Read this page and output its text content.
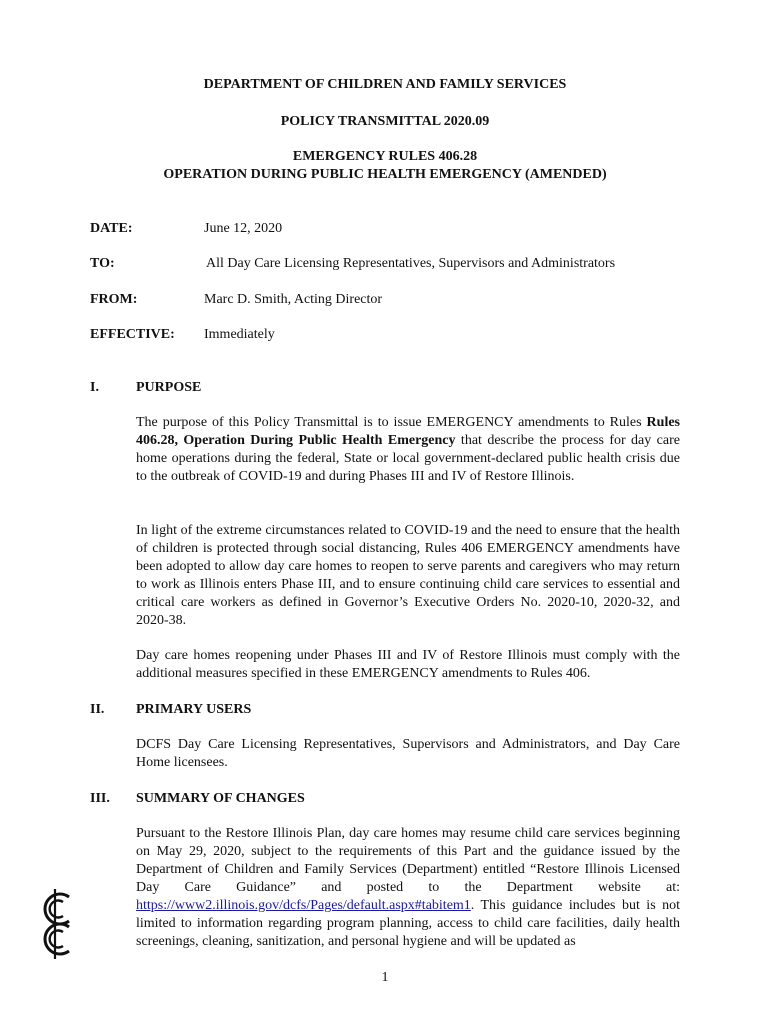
DEPARTMENT OF CHILDREN AND FAMILY SERVICES
POLICY TRANSMITTAL 2020.09
EMERGENCY RULES 406.28
OPERATION DURING PUBLIC HEALTH EMERGENCY (AMENDED)
DATE:	June 12, 2020
TO:	All Day Care Licensing Representatives, Supervisors and Administrators
FROM:	Marc D. Smith, Acting Director
EFFECTIVE: Immediately
I.	PURPOSE
The purpose of this Policy Transmittal is to issue EMERGENCY amendments to Rules Rules 406.28, Operation During Public Health Emergency that describe the process for day care home operations during the federal, State or local government-declared public health crisis due to the outbreak of COVID-19 and during Phases III and IV of Restore Illinois.
In light of the extreme circumstances related to COVID-19 and the need to ensure that the health of children is protected through social distancing, Rules 406 EMERGENCY amendments have been adopted to allow day care homes to reopen to serve parents and caregivers who may return to work as Illinois enters Phase III, and to ensure continuing child care services to essential and critical care workers as defined in Governor’s Executive Orders No. 2020-10, 2020-32, and 2020-38.
Day care homes reopening under Phases III and IV of Restore Illinois must comply with the additional measures specified in these EMERGENCY amendments to Rules 406.
II. PRIMARY USERS
DCFS Day Care Licensing Representatives, Supervisors and Administrators, and Day Care Home licensees.
III. SUMMARY OF CHANGES
Pursuant to the Restore Illinois Plan, day care homes may resume child care services beginning on May 29, 2020, subject to the requirements of this Part and the guidance issued by the Department of Children and Family Services (Department) entitled “Restore Illinois Licensed Day Care Guidance” and posted to the Department website at: https://www2.illinois.gov/dcfs/Pages/default.aspx#tabitem1. This guidance includes but is not limited to information regarding program planning, access to child care facilities, daily health screenings, cleaning, sanitization, and personal hygiene and will be updated as
1
